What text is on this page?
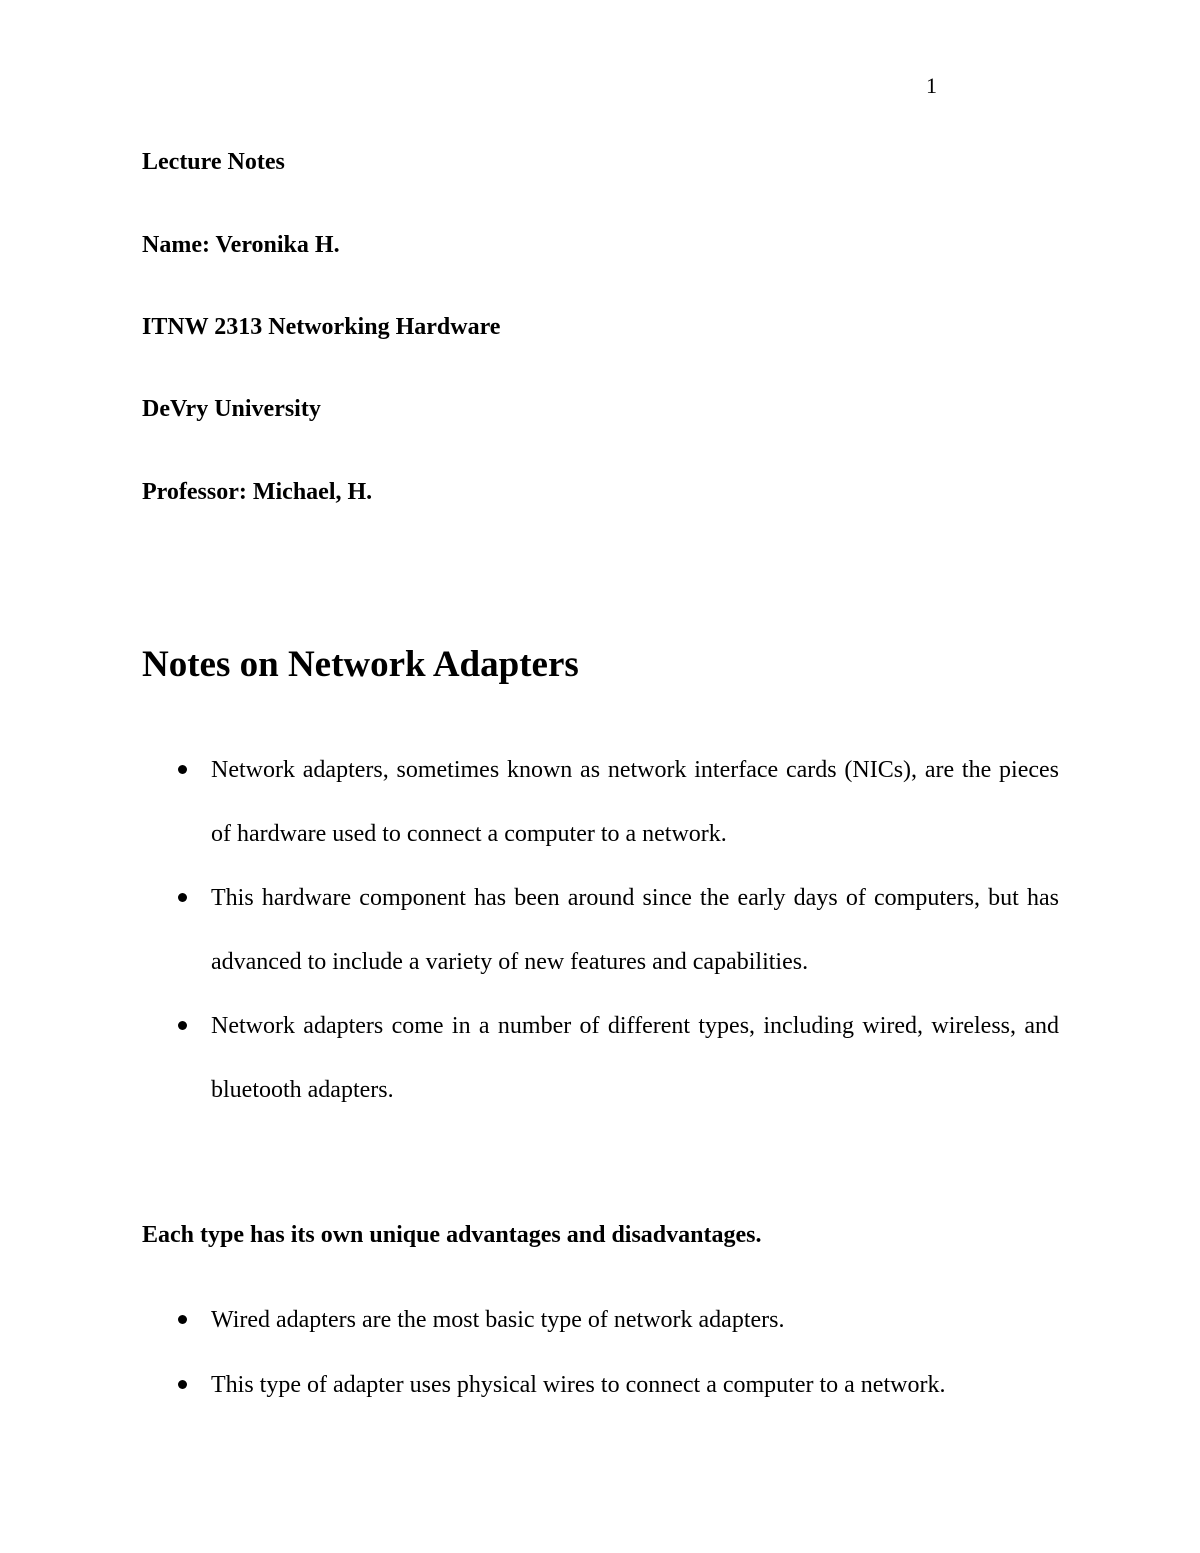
1
Lecture Notes
Name: Veronika H.
ITNW 2313 Networking Hardware
DeVry University
Professor: Michael, H.
Notes on Network Adapters
Network adapters, sometimes known as network interface cards (NICs), are the pieces of hardware used to connect a computer to a network.
This hardware component has been around since the early days of computers, but has advanced to include a variety of new features and capabilities.
Network adapters come in a number of different types, including wired, wireless, and bluetooth adapters.
Each type has its own unique advantages and disadvantages.
Wired adapters are the most basic type of network adapters.
This type of adapter uses physical wires to connect a computer to a network.
